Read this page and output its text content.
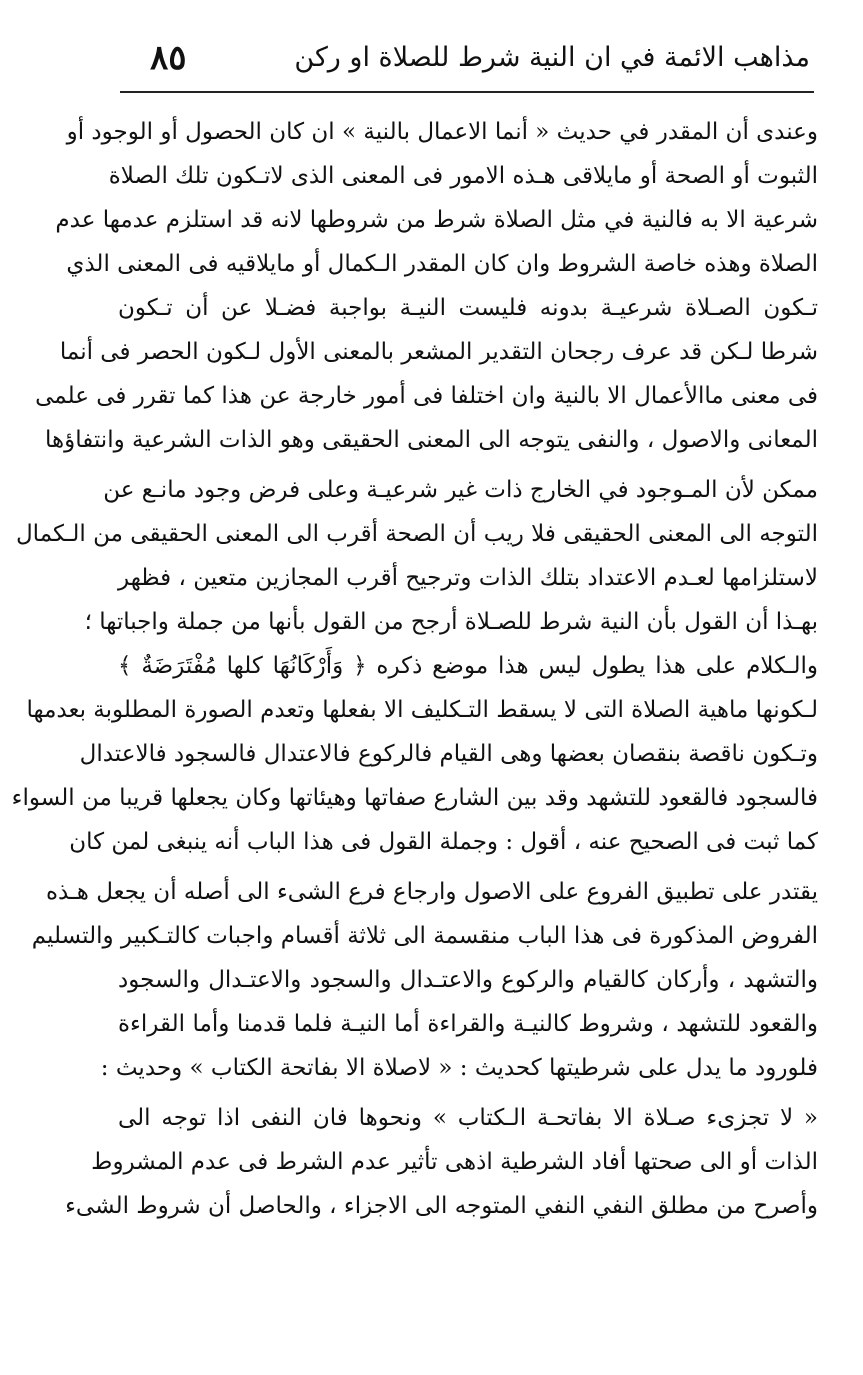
مذاهب الائمة في ان النية شرط للصلاة او ركن
٨٥
وعندى أن المقدر في حديث « أنما الاعمال بالنية » ان كان الحصول أو الوجود أو
الثبوت أو الصحة أو مايلاقى هـذه الامور فى المعنى الذى لاتـكون تلك الصلاة
شرعية الا به فالنية في مثل الصلاة شرط من شروطها لانه قد استلزم عدمها عدم
الصلاة وهذه خاصة الشروط وان كان المقدر الـكمال أو مايلاقيه فى المعنى الذي
تـكون الصـلاة شرعيـة بدونه فليست النيـة بواجبة فضـلا عن أن تـكون
شرطا لـكن قد عرف رجحان التقدير المشعر بالمعنى الأول لـكون الحصر فى أنما
فى معنى ماالأعمال الا بالنية وان اختلفا فى أمور خارجة عن هذا كما تقرر فى علمى
المعانى والاصول ، والنفى يتوجه الى المعنى الحقيقى وهو الذات الشرعية وانتفاؤها
ممكن لأن المـوجود في الخارج ذات غير شرعيـة وعلى فرض وجود مانـع عن
التوجه الى المعنى الحقيقى فلا ريب أن الصحة أقرب الى المعنى الحقيقى من الـكمال
لاستلزامها لعـدم الاعتداد بتلك الذات وترجيح أقرب المجازين متعين ، فظهر
بهـذا أن القول بأن النية شرط للصـلاة أرجح من القول بأنها من جملة واجباتها ؛
والـكلام على هذا يطول ليس هذا موضع ذكره ﴿ وَأَرْكَانُهَا كلها مُفْتَرَضَةٌ ﴾
لـكونها ماهية الصلاة التى لا يسقط التـكليف الا بفعلها وتعدم الصورة المطلوبة بعدمها
وتـكون ناقصة بنقصان بعضها وهى القيام فالركوع فالاعتدال فالسجود فالاعتدال
فالسجود فالقعود للتشهد وقد بين الشارع صفاتها وهيئاتها وكان يجعلها قريبا من السواء
كما ثبت فى الصحيح عنه ، أقول : وجملة القول فى هذا الباب أنه ينبغى لمن كان
يقتدر على تطبيق الفروع على الاصول وارجاع فرع الشىء الى أصله أن يجعل هـذه
الفروض المذكورة فى هذا الباب منقسمة الى ثلاثة أقسام واجبات كالتـكبير والتسليم
والتشهد ، وأركان كالقيام والركوع والاعتـدال والسجود والاعتـدال والسجود
والقعود للتشهد ، وشروط كالنيـة والقراءة أما النيـة فلما قدمنا وأما القراءة
فلورود ما يدل على شرطيتها كحديث : « لاصلاة الا بفاتحة الكتاب » وحديث :
« لا تجزىء صـلاة الا بفاتحـة الـكتاب » ونحوها فان النفى اذا توجه الى
الذات أو الى صحتها أفاد الشرطية اذهى تأثير عدم الشرط فى عدم المشروط
وأصرح من مطلق النفي النفي المتوجه الى الاجزاء ، والحاصل أن شروط الشىء
